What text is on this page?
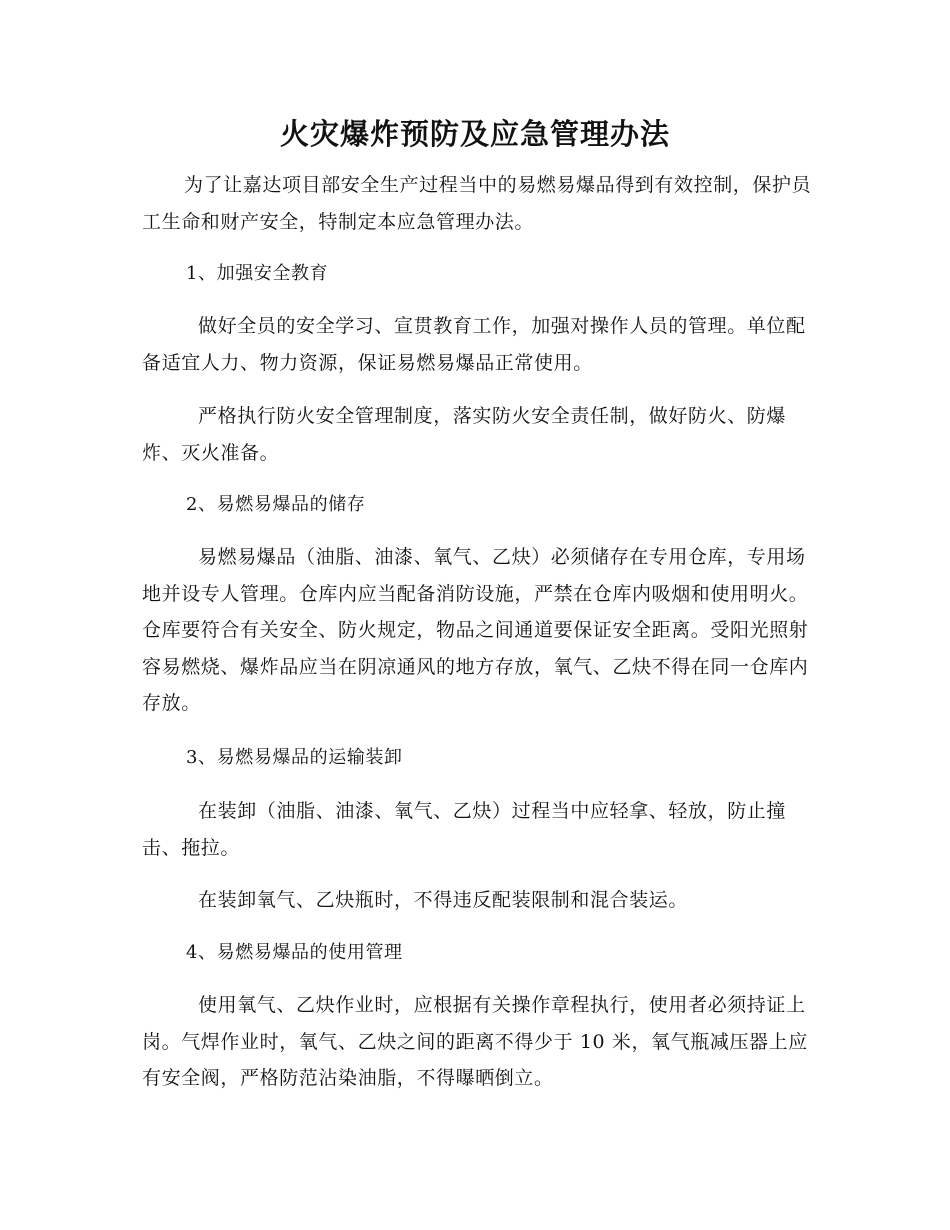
火灾爆炸预防及应急管理办法

为了让嘉达项目部安全生产过程当中的易燃易爆品得到有效控制，保护员工生命和财产安全，特制定本应急管理办法。

1、加强安全教育

做好全员的安全学习、宣贯教育工作，加强对操作人员的管理。单位配备适宜人力、物力资源，保证易燃易爆品正常使用。

严格执行防火安全管理制度，落实防火安全责任制，做好防火、防爆炸、灭火准备。

2、易燃易爆品的储存

易燃易爆品（油脂、油漆、氧气、乙炔）必须储存在专用仓库，专用场地并设专人管理。仓库内应当配备消防设施，严禁在仓库内吸烟和使用明火。仓库要符合有关安全、防火规定，物品之间通道要保证安全距离。受阳光照射容易燃烧、爆炸品应当在阴凉通风的地方存放，氧气、乙炔不得在同一仓库内存放。

3、易燃易爆品的运输装卸

在装卸（油脂、油漆、氧气、乙炔）过程当中应轻拿、轻放，防止撞击、拖拉。

在装卸氧气、乙炔瓶时，不得违反配装限制和混合装运。

4、易燃易爆品的使用管理

使用氧气、乙炔作业时，应根据有关操作章程执行，使用者必须持证上岗。气焊作业时，氧气、乙炔之间的距离不得少于 10 米，氧气瓶减压器上应有安全阀，严格防范沾染油脂，不得曝晒倒立。
